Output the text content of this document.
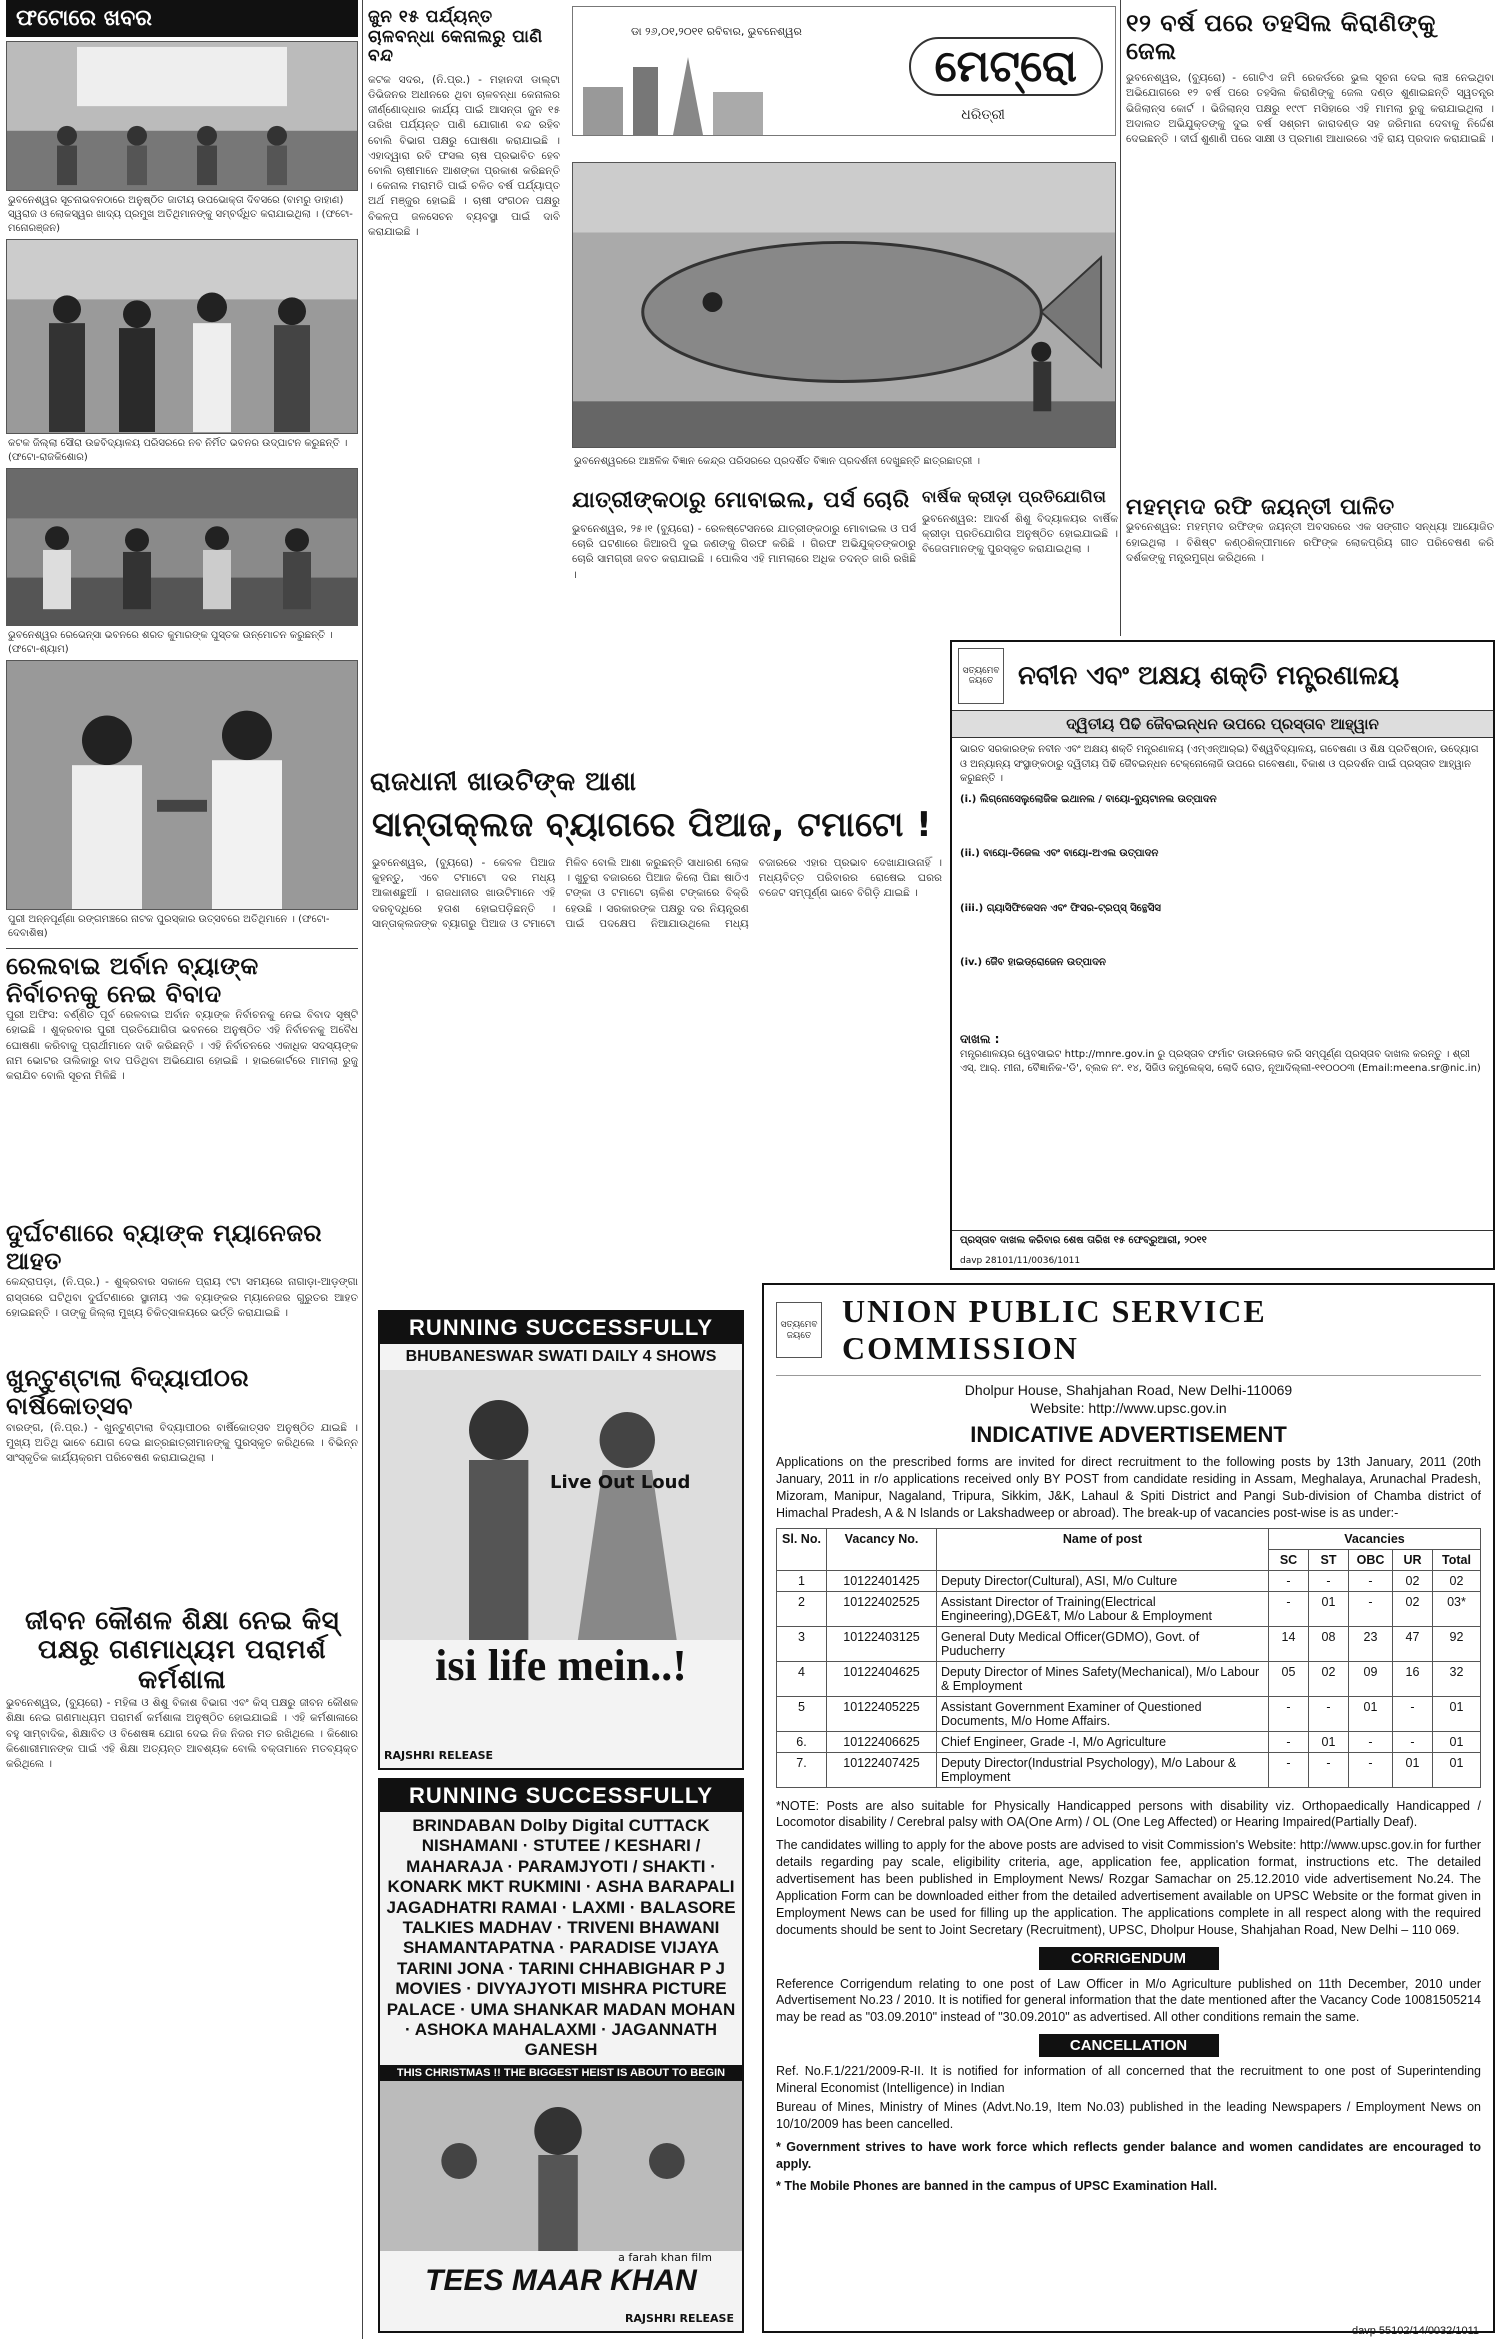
ଫଟୋରେ ଖବର
ଭୁବନେଶ୍ୱର ସୂଚନାଭବନଠାରେ ଅନୁଷ୍ଠିତ ଜାତୀୟ ଉପଭୋକ୍ତା ଦିବସରେ (ବାମରୁ ଡାହାଣ) ସ୍ୱରାଜ ଓ ଲୋକସ୍ୱର ଖାଦ୍ୟ ପ୍ରମୁଖ ଅତିଥିମାନଙ୍କୁ ସମ୍ବର୍ଦ୍ଧିତ କରାଯାଇଥିଲା । (ଫଟୋ-ମନୋରଞ୍ଜନ)
କଟକ ଜିଲ୍ଲା ସୌରା ଉଚ୍ଚବିଦ୍ୟାଳୟ ପରିସରରେ ନବ ନିର୍ମିତ ଭବନର ଉଦ୍‌ଘାଟନ କରୁଛନ୍ତି । (ଫଟୋ-ରାଜକିଶୋର)
ଭୁବନେଶ୍ୱର ରେଭେନ୍ସା ଭବନରେ ଶରତ କୁମାରଙ୍କ ପୁସ୍ତକ ଉନ୍ମୋଚନ କରୁଛନ୍ତି । (ଫଟୋ-ଶ୍ୟାମ)
ପୁରୀ ଅନ୍ନପୂର୍ଣ୍ଣା ରଙ୍ଗମଞ୍ଚରେ ନାଟକ ପୁରସ୍କାର ଉତ୍ସବରେ ଅତିଥିମାନେ । (ଫଟୋ-ଦେବାଶିଷ)
ରେଲବାଇ ଅର୍ବାନ ବ୍ୟାଙ୍କ ନିର୍ବାଚନକୁ ନେଇ ବିବାଦ
ପୁରୀ ଅଫିସ: ବର୍ଣ୍ଣିତ ପୂର୍ବ ରେଳବାଇ ଅର୍ବାନ ବ୍ୟାଙ୍କ ନିର୍ବାଚନକୁ ନେଇ ବିବାଦ ସୃଷ୍ଟି ହୋଇଛି । ଶୁକ୍ରବାର ପୁରୀ ପ୍ରତିଯୋଗିତା ଭବନରେ ଅନୁଷ୍ଠିତ ଏହି ନିର୍ବାଚନକୁ ଅବୈଧ ଘୋଷଣା କରିବାକୁ ପ୍ରାର୍ଥୀମାନେ ଦାବି କରିଛନ୍ତି । ଏହି ନିର୍ବାଚନରେ ଏକାଧିକ ସଦସ୍ୟଙ୍କ ନାମ ଭୋଟର ତାଲିକାରୁ ବାଦ ପଡିଥିବା ଅଭିଯୋଗ ହୋଇଛି । ହାଇକୋର୍ଟରେ ମାମଲା ରୁଜୁ କରାଯିବ ବୋଲି ସୂଚନା ମିଳିଛି ।
ଦୁର୍ଘଟଣାରେ ବ୍ୟାଙ୍କ ମ୍ୟାନେଜର ଆହତ
କେନ୍ଦ୍ରାପଡ଼ା, (ନି.ପ୍ର.) - ଶୁକ୍ରବାର ସକାଳେ ପ୍ରାୟ ୯ଟା ସମୟରେ ନାଗାଡ଼ା-ଆଡ଼ଙ୍ଗା ରାସ୍ତାରେ ଘଟିଥିବା ଦୁର୍ଘଟଣାରେ ସ୍ଥାନୀୟ ଏକ ବ୍ୟାଙ୍କର ମ୍ୟାନେଜର ଗୁରୁତର ଆହତ ହୋଇଛନ୍ତି । ତାଙ୍କୁ ଜିଲ୍ଲା ମୁଖ୍ୟ ଚିକିତ୍ସାଳୟରେ ଭର୍ତ୍ତି କରାଯାଇଛି ।
ଖୁନ୍ଟୁଣ୍ଟାଲା ବିଦ୍ୟାପୀଠର ବାର୍ଷିକୋତ୍ସବ
ବାରଙ୍ଗ, (ନି.ପ୍ର.) - ଖୁନ୍ଟୁଣ୍ଟାଲା ବିଦ୍ୟାପୀଠର ବାର୍ଷିକୋତ୍ସବ ଅନୁଷ୍ଠିତ ଯାଇଛି । ମୁଖ୍ୟ ଅତିଥି ଭାବେ ଯୋଗ ଦେଇ ଛାତ୍ରଛାତ୍ରୀମାନଙ୍କୁ ପୁରସ୍କୃତ କରିଥିଲେ । ବିଭିନ୍ନ ସାଂସ୍କୃତିକ କାର୍ଯ୍ୟକ୍ରମ ପରିବେଷଣ କରାଯାଇଥିଲା ।
ଜୀବନ କୌଶଳ ଶିକ୍ଷା ନେଇ କିସ୍ ପକ୍ଷରୁ ଗଣମାଧ୍ୟମ ପରାମର୍ଶ କର୍ମଶାଳା
ଭୁବନେଶ୍ୱର, (ବ୍ୟୁରୋ) - ମହିଳା ଓ ଶିଶୁ ବିକାଶ ବିଭାଗ ଏବଂ କିସ୍ ପକ୍ଷରୁ ଜୀବନ କୌଶଳ ଶିକ୍ଷା ନେଇ ଗଣମାଧ୍ୟମ ପରାମର୍ଶ କର୍ମଶାଳା ଅନୁଷ୍ଠିତ ହୋଇଯାଇଛି । ଏହି କର୍ମଶାଳାରେ ବହୁ ସାମ୍ବାଦିକ, ଶିକ୍ଷାବିତ ଓ ବିଶେଷଜ୍ଞ ଯୋଗ ଦେଇ ନିଜ ନିଜର ମତ ରଖିଥିଲେ । କିଶୋର କିଶୋରୀମାନଙ୍କ ପାଇଁ ଏହି ଶିକ୍ଷା ଅତ୍ୟନ୍ତ ଆବଶ୍ୟକ ବୋଲି ବକ୍ତାମାନେ ମତବ୍ୟକ୍ତ କରିଥିଲେ ।
ଜୁନ ୧୫ ପର୍ଯ୍ୟନ୍ତ ଚାଳବନ୍ଧା କେନାଲରୁ ପାଣି ବନ୍ଦ
କଟକ ସଦର, (ନି.ପ୍ର.) - ମହାନଦୀ ଡାଲ୍ଟା ଡିଭିଜନର ଅଧୀନରେ ଥିବା ଚାଳବନ୍ଧା କେନାଲର ଜୀର୍ଣ୍ଣୋଦ୍ଧାର କାର୍ଯ୍ୟ ପାଇଁ ଆସନ୍ତା ଜୁନ ୧୫ ତାରିଖ ପର୍ଯ୍ୟନ୍ତ ପାଣି ଯୋଗାଣ ବନ୍ଦ ରହିବ ବୋଲି ବିଭାଗ ପକ୍ଷରୁ ଘୋଷଣା କରାଯାଇଛି । ଏହାଦ୍ୱାରା ରବି ଫସଲ ଚାଷ ପ୍ରଭାବିତ ହେବ ବୋଲି ଚାଷୀମାନେ ଆଶଙ୍କା ପ୍ରକାଶ କରିଛନ୍ତି । କେନାଲ ମରାମତି ପାଇଁ ଚଳିତ ବର୍ଷ ପର୍ଯ୍ୟାପ୍ତ ଅର୍ଥ ମଞ୍ଜୁର ହୋଇଛି । ଚାଷୀ ସଂଗଠନ ପକ୍ଷରୁ ବିକଳ୍ପ ଜଳସେଚନ ବ୍ୟବସ୍ଥା ପାଇଁ ଦାବି କରାଯାଇଛି ।
ରାଜଧାନୀ ଖାଉଟିଙ୍କ ଆଶା
ଡା ୨୬,୦୧,୨୦୧୧ ରବିବାର, ଭୁବନେଶ୍ୱର
ମେଟ୍ରୋ
ଧରିତ୍ରୀ
ଭୁବନେଶ୍ୱରରେ ଆଞ୍ଚଳିକ ବିଜ୍ଞାନ କେନ୍ଦ୍ର ପରିସରରେ ପ୍ରଦର୍ଶିତ ବିଜ୍ଞାନ ପ୍ରଦର୍ଶନୀ ଦେଖୁଛନ୍ତି ଛାତ୍ରଛାତ୍ରୀ ।
ଯାତ୍ରୀଙ୍କଠାରୁ ମୋବାଇଲ, ପର୍ସ ଚୋରି
ଭୁବନେଶ୍ୱର, ୨୫।୧ (ବ୍ୟୁରୋ) - ରେଳଷ୍ଟେସନରେ ଯାତ୍ରୀଙ୍କଠାରୁ ମୋବାଇଲ ଓ ପର୍ସ ଚୋରି ଘଟଣାରେ ଜିଆରପି ଦୁଇ ଜଣଙ୍କୁ ଗିରଫ କରିଛି । ଗିରଫ ଅଭିଯୁକ୍ତଙ୍କଠାରୁ ଚୋରି ସାମଗ୍ରୀ ଜବତ କରାଯାଇଛି । ପୋଲିସ ଏହି ମାମଲାରେ ଅଧିକ ତଦନ୍ତ ଜାରି ରଖିଛି ।
ବାର୍ଷିକ କ୍ରୀଡ଼ା ପ୍ରତିଯୋଗିତା
ଭୁବନେଶ୍ୱର: ଆଦର୍ଶ ଶିଶୁ ବିଦ୍ୟାଳୟର ବାର୍ଷିକ କ୍ରୀଡ଼ା ପ୍ରତିଯୋଗିତା ଅନୁଷ୍ଠିତ ହୋଇଯାଇଛି । ବିଜେତାମାନଙ୍କୁ ପୁରସ୍କୃତ କରାଯାଇଥିଲା ।
ସାନ୍ତାକ୍ଲଜ ବ୍ୟାଗରେ ପିଆଜ, ଟମାଟୋ !
ଭୁବନେଶ୍ୱର, (ବ୍ୟୁରୋ) - କେବଳ ପିଆଜ କୁହନ୍ତୁ, ଏବେ ଟମାଟୋ ଦର ମଧ୍ୟ ଆକାଶଛୁଆଁ । ରାଜଧାନୀର ଖାଉଟିମାନେ ଏହି ଦରବୃଦ୍ଧିରେ ହତାଶ ହୋଇପଡ଼ିଛନ୍ତି । ସାନ୍ତାକ୍ଲଜଙ୍କ ବ୍ୟାଗରୁ ପିଆଜ ଓ ଟମାଟୋ ମିଳିବ ବୋଲି ଆଶା କରୁଛନ୍ତି ସାଧାରଣ ଲୋକ । ଖୁଚୁରା ବଜାରରେ ପିଆଜ କିଲୋ ପିଛା ଷାଠିଏ ଟଙ୍କା ଓ ଟମାଟୋ ଚାଳିଶ ଟଙ୍କାରେ ବିକ୍ରି ହେଉଛି । ସରକାରଙ୍କ ପକ୍ଷରୁ ଦର ନିୟନ୍ତ୍ରଣ ପାଇଁ ପଦକ୍ଷେପ ନିଆଯାଉଥିଲେ ମଧ୍ୟ ବଜାରରେ ଏହାର ପ୍ରଭାବ ଦେଖାଯାଉନାହିଁ । ମଧ୍ୟବିତ୍ତ ପରିବାରର ରୋଷେଇ ଘରର ବଜେଟ ସମ୍ପୂର୍ଣ୍ଣ ଭାବେ ବିଗିଡ଼ି ଯାଇଛି ।
୧୨ ବର୍ଷ ପରେ ତହସିଲ କିରାଣିଙ୍କୁ ଜେଲ
ଭୁବନେଶ୍ୱର, (ବ୍ୟୁରୋ) - ଗୋଟିଏ ଜମି ରେକର୍ଡରେ ଭୁଲ ସୂଚନା ଦେଇ ଲାଞ୍ଚ ନେଇଥିବା ଅଭିଯୋଗରେ ୧୨ ବର୍ଷ ପରେ ତହସିଲ କିରାଣିଙ୍କୁ ଜେଲ ଦଣ୍ଡ ଶୁଣାଇଛନ୍ତି ସ୍ୱତନ୍ତ୍ର ଭିଜିଲାନ୍ସ କୋର୍ଟ । ଭିଜିଲାନ୍ସ ପକ୍ଷରୁ ୧୯୯୮ ମସିହାରେ ଏହି ମାମଲା ରୁଜୁ କରାଯାଇଥିଲା । ଅଦାଲତ ଅଭିଯୁକ୍ତଙ୍କୁ ଦୁଇ ବର୍ଷ ସଶ୍ରମ କାରାଦଣ୍ଡ ସହ ଜରିମାନା ଦେବାକୁ ନିର୍ଦ୍ଦେଶ ଦେଇଛନ୍ତି । ଦୀର୍ଘ ଶୁଣାଣି ପରେ ସାକ୍ଷୀ ଓ ପ୍ରମାଣ ଆଧାରରେ ଏହି ରାୟ ପ୍ରଦାନ କରାଯାଇଛି ।
ମହମ୍ମଦ ରଫି ଜୟନ୍ତୀ ପାଳିତ
ଭୁବନେଶ୍ୱର: ମହମ୍ମଦ ରଫିଙ୍କ ଜୟନ୍ତୀ ଅବସରରେ ଏକ ସଙ୍ଗୀତ ସନ୍ଧ୍ୟା ଆୟୋଜିତ ହୋଇଥିଲା । ବିଶିଷ୍ଟ କଣ୍ଠଶିଳ୍ପୀମାନେ ରଫିଙ୍କ ଲୋକପ୍ରିୟ ଗୀତ ପରିବେଷଣ କରି ଦର୍ଶକଙ୍କୁ ମନ୍ତ୍ରମୁଗ୍ଧ କରିଥିଲେ ।
ସତ୍ୟମେବ ଜୟତେ ନବୀନ ଏବଂ ଅକ୍ଷୟ ଶକ୍ତି ମନ୍ତ୍ରଣାଳୟ
ଦ୍ୱିତୀୟ ପିଢି ଜୈବଇନ୍ଧନ ଉପରେ ପ୍ରସ୍ତାବ ଆହ୍ୱାନ

ଭାରତ ସରକାରଙ୍କ ନବୀନ ଏବଂ ଅକ୍ଷୟ ଶକ୍ତି ମନ୍ତ୍ରଣାଳୟ (ଏମ୍‌ଏନ୍‌ଆର୍‌ଇ) ବିଶ୍ୱବିଦ୍ୟାଳୟ, ଗବେଷଣା ଓ ଶିକ୍ଷ ପ୍ରତିଷ୍ଠାନ, ଉଦ୍ୟୋଗ ଓ ଅନ୍ୟାନ୍ୟ ସଂସ୍ଥାଙ୍କଠାରୁ ଦ୍ୱିତୀୟ ପିଢି ଜୈବଇନ୍ଧନ ଟେକ୍ନୋଲୋଜି ଉପରେ ଗବେଷଣା, ବିକାଶ ଓ ପ୍ରଦର୍ଶନ ପାଇଁ ପ୍ରସ୍ତାବ ଆହ୍ୱାନ କରୁଛନ୍ତି ।

(i.) ଲିଗ୍ନୋସେଲୁଲୋଜିକ ଇଥାନଲ / ବାୟୋ-ବ୍ୟୁଟାନଲ ଉତ୍ପାଦନ

(ii.) ବାୟୋ-ଡିଜେଲ ଏବଂ ବାୟୋ-ଅଏଲ ଉତ୍ପାଦନ

(iii.) ଗ୍ୟାସିଫିକେସନ ଏବଂ ଫିସର-ଟ୍ରପ୍‌ସ୍ ସିନ୍ଥେସିସ

(iv.) ଜୈବ ହାଇଡ୍ରୋଜେନ ଉତ୍ପାଦନ

ଦାଖଲ :

ମନ୍ତ୍ରଣାଳୟର ୱେବସାଇଟ http://mnre.gov.in ରୁ ପ୍ରସ୍ତାବ ଫର୍ମାଟ ଡାଉନଲୋଡ କରି ସମ୍ପୂର୍ଣ୍ଣ ପ୍ରସ୍ତାବ ଦାଖଲ କରନ୍ତୁ । ଶ୍ରୀ ଏସ୍. ଆର୍. ମୀନା, ବୈଜ୍ଞାନିକ-'ଡି', ବ୍ଲକ ନଂ. ୧୪, ସିଜିଓ କମ୍ପ୍ଲେକ୍ସ, ଲୋଦି ରୋଡ, ନୂଆଦିଲ୍ଲୀ-୧୧୦୦୦୩ (Email:meena.sr@nic.in)

ପ୍ରସ୍ତାବ ଦାଖଲ କରିବାର ଶେଷ ତାରିଖ ୧୫ ଫେବ୍ରୁଆରୀ, ୨୦୧୧
davp 28101/11/0036/1011
RUNNING SUCCESSFULLY
BHUBANESWAR SWATI DAILY 4 SHOWS
Live Out Loud
isi life mein..!
RAJSHRI RELEASE
RUNNING SUCCESSFULLY
BRINDABAN Dolby Digital CUTTACK NISHAMANI · STUTEE / KESHARI / MAHARAJA · PARAMJYOTI / SHAKTI · KONARK MKT RUKMINI · ASHA BARAPALI JAGADHATRI RAMAI · LAXMI · BALASORE TALKIES MADHAV · TRIVENI BHAWANI SHAMANTAPATNA · PARADISE VIJAYA TARINI JONA · TARINI CHHABIGHAR P J MOVIES · DIVYAJYOTI MISHRA PICTURE PALACE · UMA SHANKAR MADAN MOHAN · ASHOKA MAHALAXMI · JAGANNATH GANESH
THIS CHRISTMAS !! THE BIGGEST HEIST IS ABOUT TO BEGIN
a farah khan film
TEES MAAR KHAN
RAJSHRI RELEASE
ସତ୍ୟମେବ ଜୟତେ
UNION PUBLIC SERVICE COMMISSION
Dholpur House, Shahjahan Road, New Delhi-110069
Website: http://www.upsc.gov.in
INDICATIVE ADVERTISEMENT
Applications on the prescribed forms are invited for direct recruitment to the following posts by 13th January, 2011 (20th January, 2011 in r/o applications received only BY POST from candidate residing in Assam, Meghalaya, Arunachal Pradesh, Mizoram, Manipur, Nagaland, Tripura, Sikkim, J&K, Lahaul & Spiti District and Pangi Sub-division of Chamba district of Himachal Pradesh, A & N Islands or Lakshadweep or abroad). The break-up of vacancies post-wise is as under:-
Sl. No.	Vacancy No.	Name of post	Vacancies				
			SC	ST	OBC	UR	Total
1	10122401425	Deputy Director(Cultural), ASI, M/o Culture	-	-	-	02	02
2	10122402525	Assistant Director of Training(Electrical Engineering),DGE&T, M/o Labour & Employment	-	01	-	02	03*
3	10122403125	General Duty Medical Officer(GDMO), Govt. of Puducherry	14	08	23	47	92
4	10122404625	Deputy Director of Mines Safety(Mechanical), M/o Labour & Employment	05	02	09	16	32
5	10122405225	Assistant Government Examiner of Questioned Documents, M/o Home Affairs.	-	-	01	-	01
6.	10122406625	Chief Engineer, Grade -I, M/o Agriculture	-	01	-	-	01
7.	10122407425	Deputy Director(Industrial Psychology), M/o Labour & Employment	-	-	-	01	01
*NOTE: Posts are also suitable for Physically Handicapped persons with disability viz. Orthopaedically Handicapped / Locomotor disability / Cerebral palsy with OA(One Arm) / OL (One Leg Affected) or Hearing Impaired(Partially Deaf).
The candidates willing to apply for the above posts are advised to visit Commission's Website: http://www.upsc.gov.in for further details regarding pay scale, eligibility criteria, age, application fee, application format, instructions etc. The detailed advertisement has been published in Employment News/ Rozgar Samachar on 25.12.2010 vide advertisement No.24. The Application Form can be downloaded either from the detailed advertisement available on UPSC Website or the format given in Employment News can be used for filling up the application. The applications complete in all respect along with the required documents should be sent to Joint Secretary (Recruitment), UPSC, Dholpur House, Shahjahan Road, New Delhi – 110 069.
CORRIGENDUM
Reference Corrigendum relating to one post of Law Officer in M/o Agriculture published on 11th December, 2010 under Advertisement No.23 / 2010. It is notified for general information that the date mentioned after the Vacancy Code 10081505214 may be read as "03.09.2010" instead of "30.09.2010" as advertised. All other conditions remain the same.
CANCELLATION
Ref. No.F.1/221/2009-R-II. It is notified for information of all concerned that the recruitment to one post of Superintending Mineral Economist (Intelligence) in Indian
Bureau of Mines, Ministry of Mines (Advt.No.19, Item No.03) published in the leading Newspapers / Employment News on 10/10/2009 has been cancelled.
* Government strives to have work force which reflects gender balance and women candidates are encouraged to apply.
* The Mobile Phones are banned in the campus of UPSC Examination Hall.
davp 55102/14/0032/1011
